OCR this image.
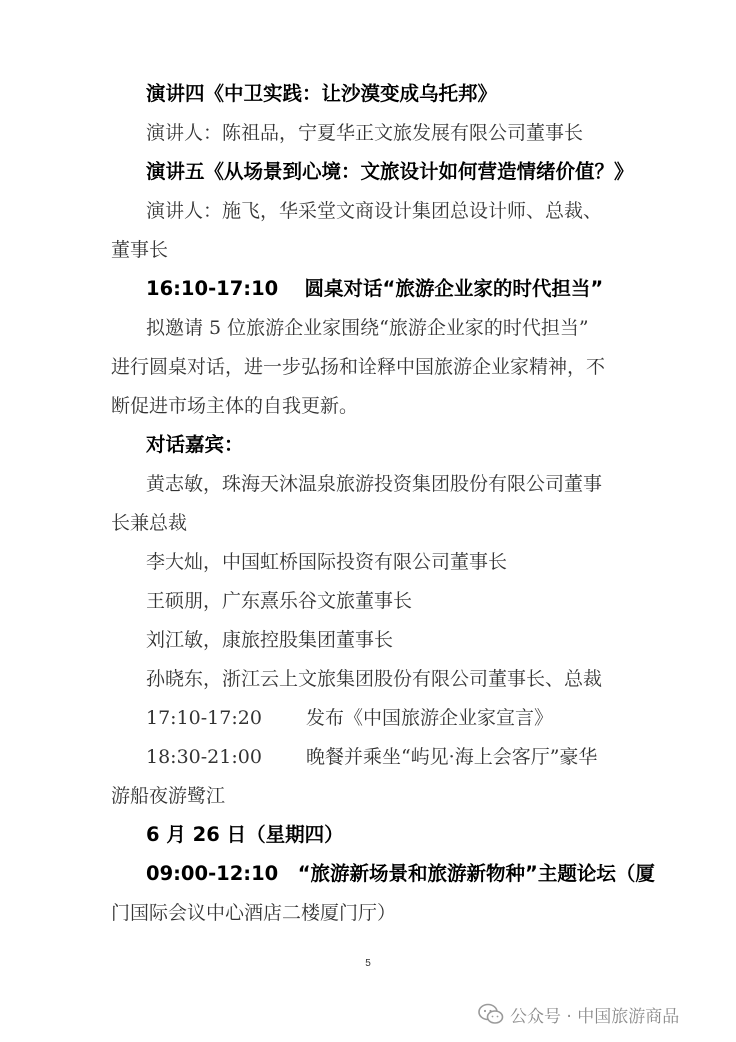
演讲四《中卫实践：让沙漠变成乌托邦》
演讲人：陈祖品，宁夏华正文旅发展有限公司董事长
演讲五《从场景到心境：文旅设计如何营造情绪价值？》
演讲人：施飞，华采堂文商设计集团总设计师、总裁、
董事长
16:10-17:10　 圆桌对话“旅游企业家的时代担当”
拟邀请 5 位旅游企业家围绕“旅游企业家的时代担当”
进行圆桌对话，进一步弘扬和诠释中国旅游企业家精神，不
断促进市场主体的自我更新。
对话嘉宾：
黄志敏，珠海天沐温泉旅游投资集团股份有限公司董事
长兼总裁
李大灿，中国虹桥国际投资有限公司董事长
王硕朋，广东熹乐谷文旅董事长
刘江敏，康旅控股集团董事长
孙晓东，浙江云上文旅集团股份有限公司董事长、总裁
17:10-17:20　　 发布《中国旅游企业家宣言》
18:30-21:00　　 晚餐并乘坐“屿见·海上会客厅”豪华
游船夜游鹭江
6 月 26 日（星期四）
09:00-12:10　“旅游新场景和旅游新物种”主题论坛（厦
门国际会议中心酒店二楼厦门厅）
5
公众号 · 中国旅游商品
